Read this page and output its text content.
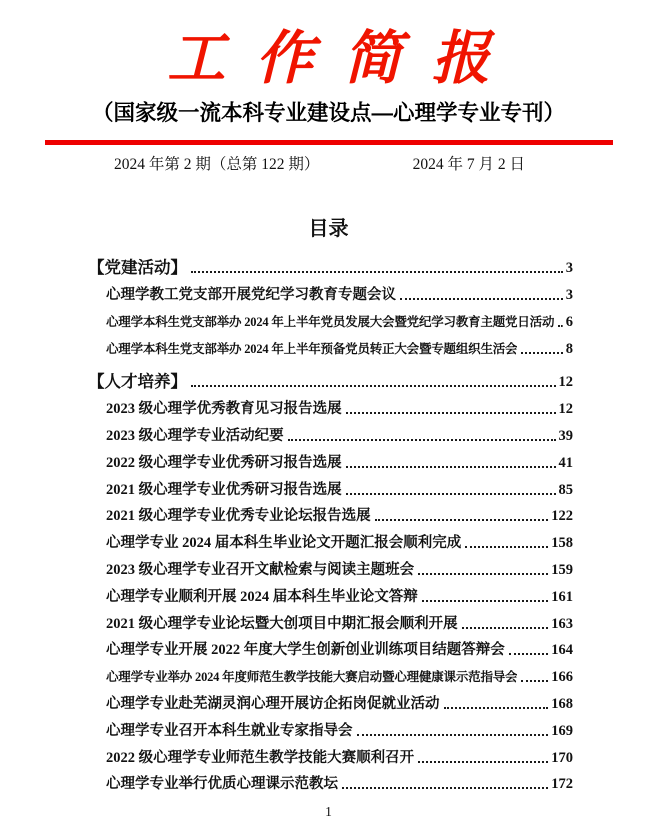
工作简报
（国家级一流本科专业建设点—心理学专业专刊）
2024 年第 2 期（总第 122 期）	2024 年 7 月 2 日
目录
【党建活动】	3
心理学教工党支部开展党纪学习教育专题会议	3
心理学本科生党支部举办 2024 年上半年党员发展大会暨党纪学习教育主题党日活动 6
心理学本科生党支部举办 2024 年上半年预备党员转正大会暨专题组织生活会	8
【人才培养】	12
2023 级心理学优秀教育见习报告选展	12
2023 级心理学专业活动纪要	39
2022 级心理学专业优秀研习报告选展	41
2021 级心理学专业优秀研习报告选展	85
2021 级心理学专业优秀专业论坛报告选展	122
心理学专业 2024 届本科生毕业论文开题汇报会顺利完成	158
2023 级心理学专业召开文献检索与阅读主题班会	159
心理学专业顺利开展 2024 届本科生毕业论文答辩	161
2021 级心理学专业论坛暨大创项目中期汇报会顺利开展	163
心理学专业开展 2022 年度大学生创新创业训练项目结题答辩会	164
心理学专业举办 2024 年度师范生教学技能大赛启动暨心理健康课示范指导会 166
心理学专业赴芜湖灵润心理开展访企拓岗促就业活动	168
心理学专业召开本科生就业专家指导会	169
2022 级心理学专业师范生教学技能大赛顺利召开	170
心理学专业举行优质心理课示范教坛	172
1
